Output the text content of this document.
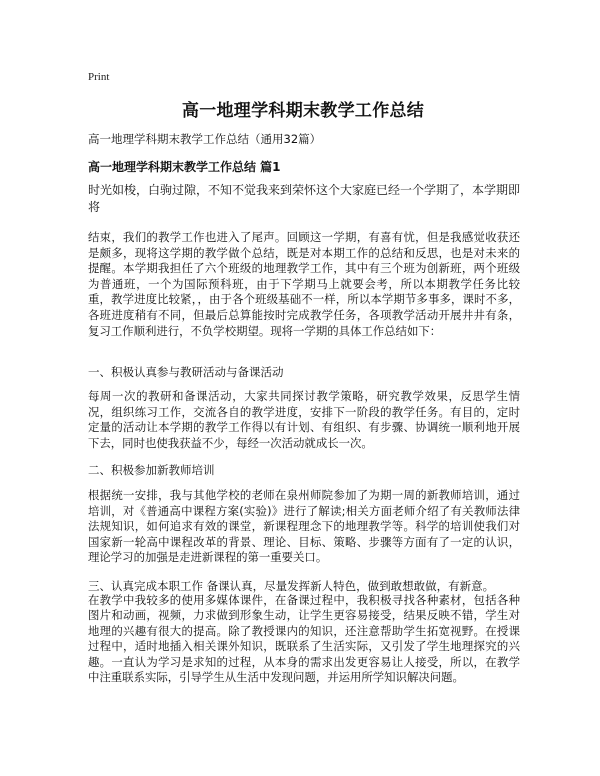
Print
高一地理学科期末教学工作总结

高一地理学科期末教学工作总结（通用32篇）

高一地理学科期末教学工作总结 篇1

时光如梭，白驹过隙，不知不觉我来到荣怀这个大家庭已经一个学期了，本学期即将

结束，我们的教学工作也进入了尾声。回顾这一学期，有喜有忧，但是我感觉收获还是颇多，现将这学期的教学做个总结，既是对本期工作的总结和反思，也是对未来的提醒。本学期我担任了六个班级的地理教学工作，其中有三个班为创新班，两个班级为普通班，一个为国际预科班，由于下学期马上就要会考，所以本期教学任务比较重，教学进度比较紧，，由于各个班级基础不一样，所以本学期节多事多，课时不多，各班进度稍有不同，但最后总算能按时完成教学任务，各项教学活动开展井井有条，复习工作顺利进行，不负学校期望。现将一学期的具体工作总结如下：

一、积极认真参与教研活动与备课活动

每周一次的教研和备课活动，大家共同探讨教学策略，研究教学效果，反思学生情况，组织练习工作，交流各自的教学进度，安排下一阶段的教学任务。有目的，定时定量的活动让本学期的教学工作得以有计划、有组织、有步骤、协调统一顺利地开展下去，同时也使我获益不少，每经一次活动就成长一次。

二、积极参加新教师培训

根据统一安排，我与其他学校的老师在泉州师院参加了为期一周的新教师培训，通过培训，对《普通高中课程方案(实验)》进行了解读;相关方面老师介绍了有关教师法律法规知识，如何追求有效的课堂，新课程理念下的地理教学等。科学的培训使我们对国家新一轮高中课程改革的背景、理论、目标、策略、步骤等方面有了一定的认识，理论学习的加强是走进新课程的第一重要关口。

三、认真完成本职工作 备课认真，尽量发挥新人特色，做到敢想敢做，有新意。

在教学中我较多的使用多媒体课件，在备课过程中，我积极寻找各种素材，包括各种图片和动画，视频，力求做到形象生动，让学生更容易接受，结果反映不错，学生对地理的兴趣有很大的提高。除了教授课内的知识，还注意帮助学生拓宽视野。在授课过程中，适时地插入相关课外知识，既联系了生活实际，又引发了学生地理探究的兴趣。一直认为学习是求知的过程，从本身的需求出发更容易让人接受，所以，在教学中注重联系实际，引导学生从生活中发现问题，并运用所学知识解决问题。
